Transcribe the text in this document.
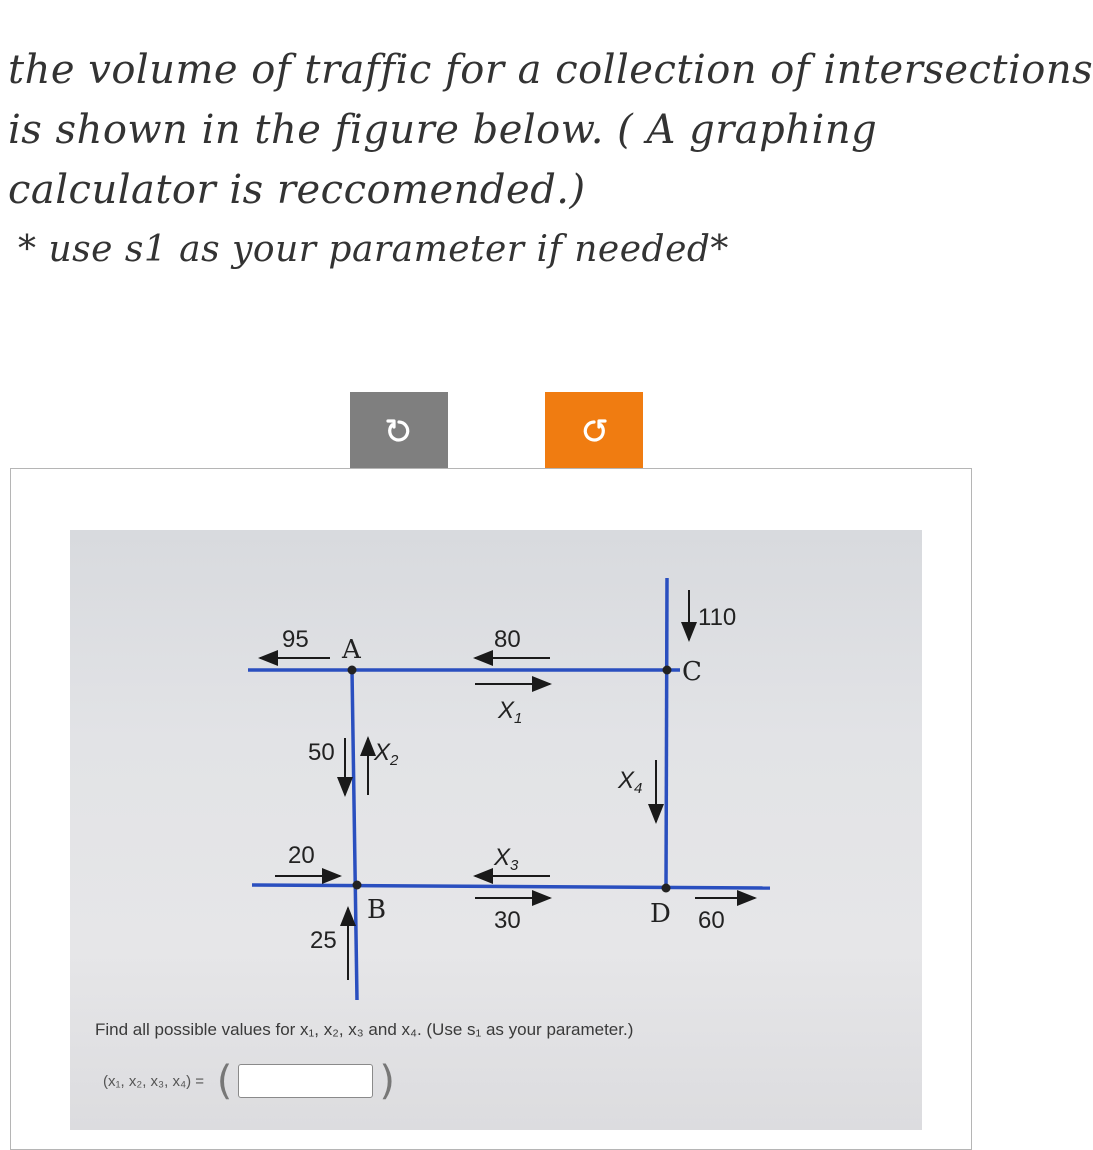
the volume of traffic for a collection of intersections
is shown in the figure below. ( A graphing
calculator is reccomended.)
* use s1 as your parameter if needed*
95 A	80
$X_1$
110
C
50 $X_2$
$X_4$
20	$X_3$
B	30
25
D 60
Find all possible values for x₁, x₂, x₃ and x₄. (Use s₁ as your parameter.)
(x₁, x₂, x₃, x₄) = (	)
